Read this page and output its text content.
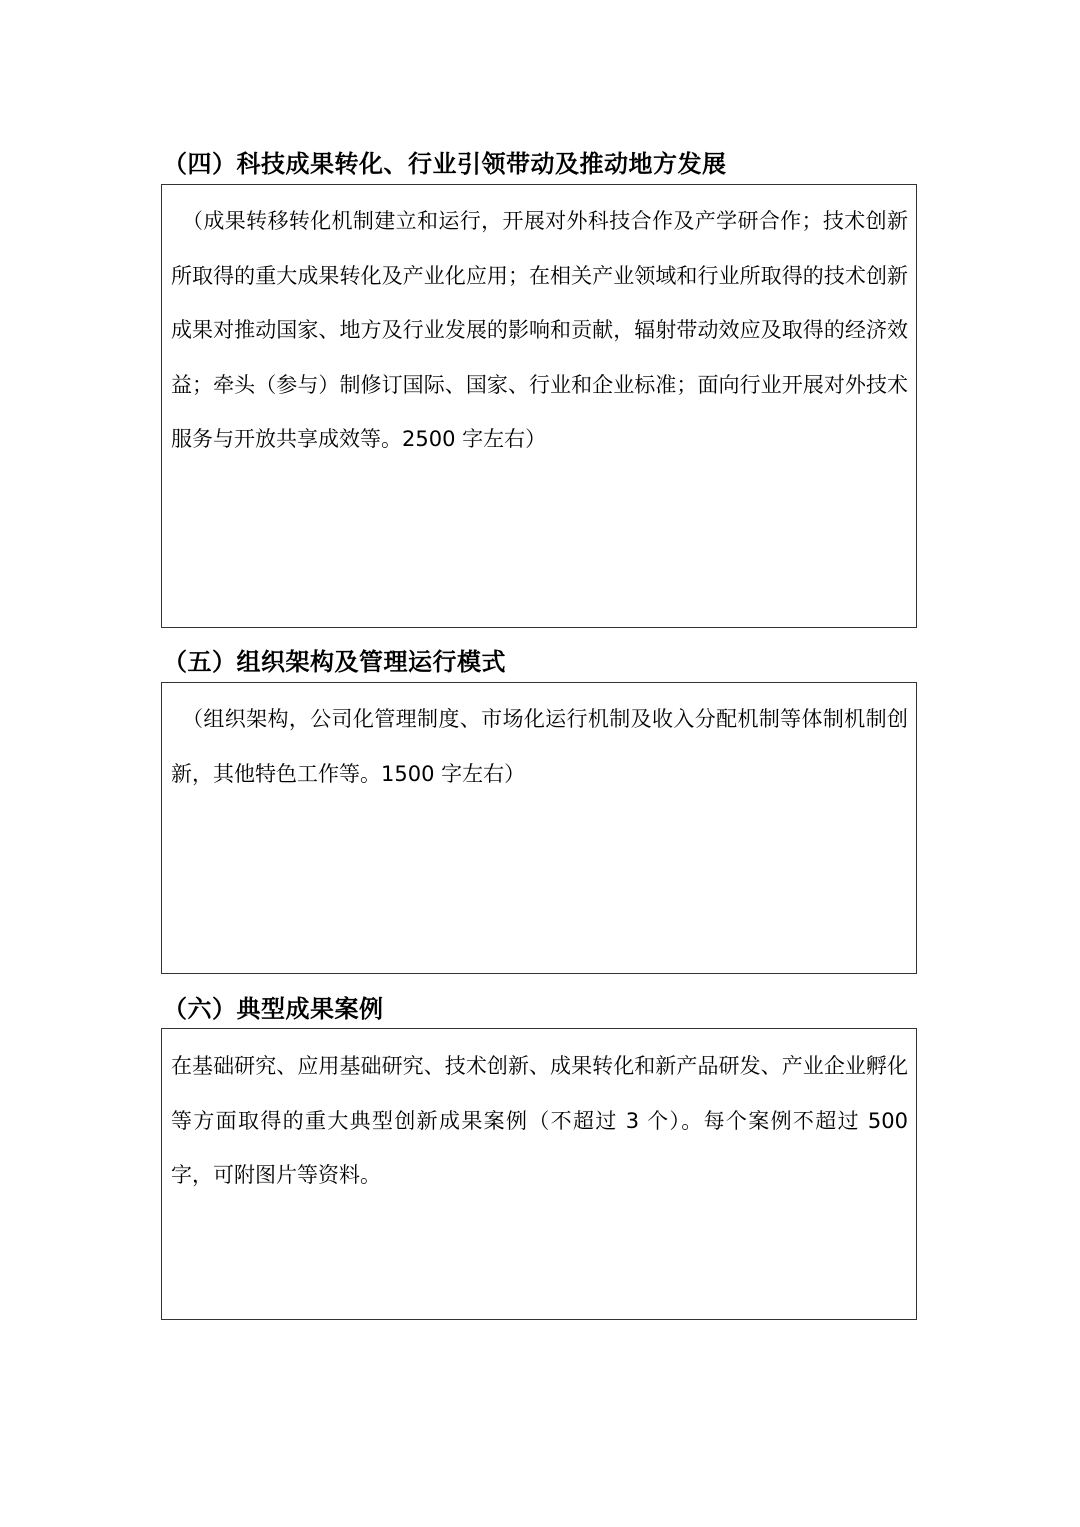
（四）科技成果转化、行业引领带动及推动地方发展

（成果转移转化机制建立和运行，开展对外科技合作及产学研合作；技术创新所取得的重大成果转化及产业化应用；在相关产业领域和行业所取得的技术创新成果对推动国家、地方及行业发展的影响和贡献，辐射带动效应及取得的经济效益；牵头（参与）制修订国际、国家、行业和企业标准；面向行业开展对外技术服务与开放共享成效等。2500 字左右）

（五）组织架构及管理运行模式

（组织架构，公司化管理制度、市场化运行机制及收入分配机制等体制机制创新，其他特色工作等。1500 字左右）

（六）典型成果案例

在基础研究、应用基础研究、技术创新、成果转化和新产品研发、产业企业孵化等方面取得的重大典型创新成果案例（不超过 3 个）。每个案例不超过 500 字，可附图片等资料。
